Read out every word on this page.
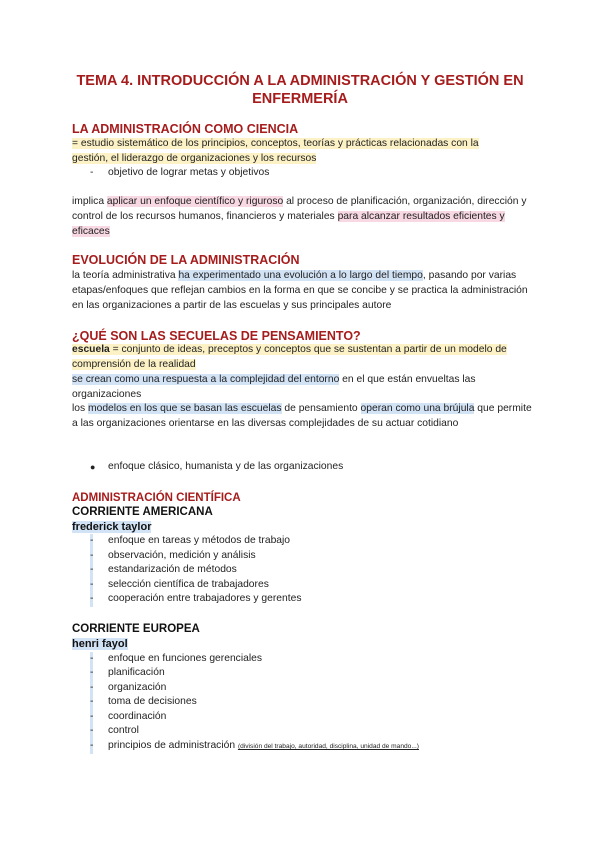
TEMA 4. INTRODUCCIÓN A LA ADMINISTRACIÓN Y GESTIÓN EN ENFERMERÍA
LA ADMINISTRACIÓN COMO CIENCIA
= estudio sistemático de los principios, conceptos, teorías y prácticas relacionadas con la
gestión, el liderazgo de organizaciones y los recursos
- objetivo de lograr metas y objetivos
implica aplicar un enfoque científico y riguroso al proceso de planificación, organización, dirección y control de los recursos humanos, financieros y materiales para alcanzar resultados eficientes y eficaces
EVOLUCIÓN DE LA ADMINISTRACIÓN
la teoría administrativa ha experimentado una evolución a lo largo del tiempo, pasando por varias etapas/enfoques que reflejan cambios en la forma en que se concibe y se practica la administración en las organizaciones a partir de las escuelas y sus principales autore
¿QUÉ SON LAS SECUELAS DE PENSAMIENTO?
escuela = conjunto de ideas, preceptos y conceptos que se sustentan a partir de un modelo de comprensión de la realidad
se crean como una respuesta a la complejidad del entorno en el que están envueltas las organizaciones
los modelos en los que se basan las escuelas de pensamiento operan como una brújula que permite a las organizaciones orientarse en las diversas complejidades de su actuar cotidiano
● enfoque clásico, humanista y de las organizaciones
ADMINISTRACIÓN CIENTÍFICA
CORRIENTE AMERICANA
frederick taylor
- enfoque en tareas y métodos de trabajo
- observación, medición y análisis
- estandarización de métodos
- selección científica de trabajadores
- cooperación entre trabajadores y gerentes
CORRIENTE EUROPEA
henri fayol
- enfoque en funciones gerenciales
- planificación
- organización
- toma de decisiones
- coordinación
- control
- principios de administración (división del trabajo, autoridad, disciplina, unidad de mando...)
